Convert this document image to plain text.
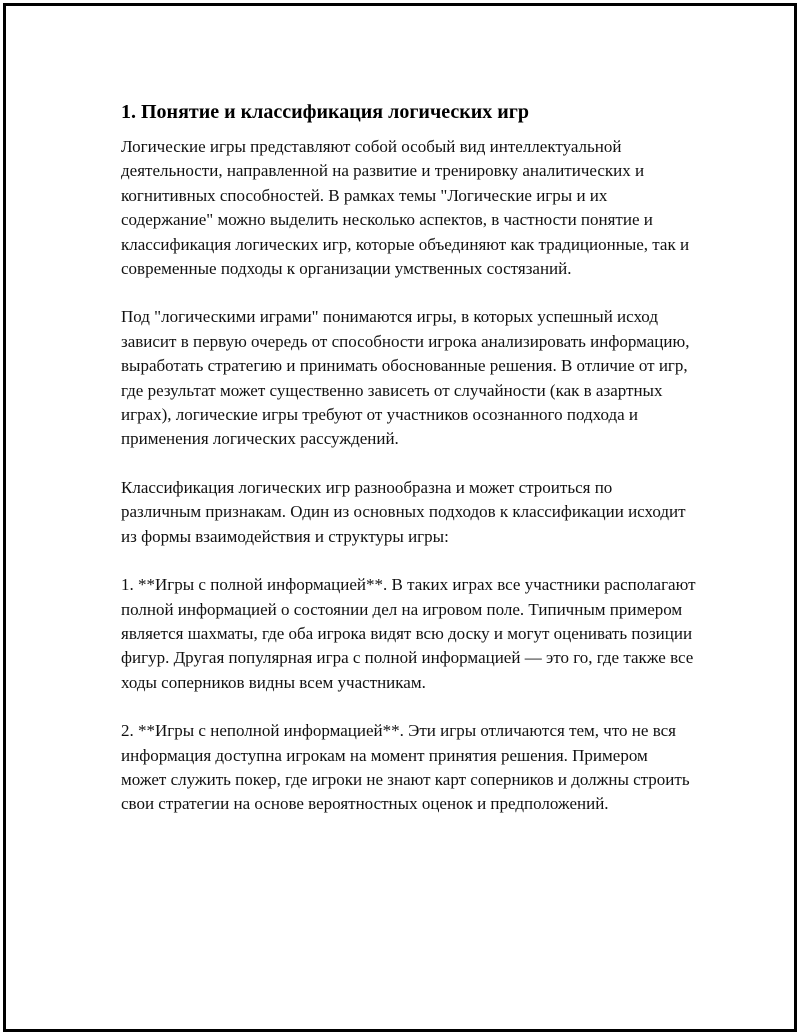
1. Понятие и классификация логических игр

Логические игры представляют собой особый вид интеллектуальной деятельности, направленной на развитие и тренировку аналитических и когнитивных способностей. В рамках темы "Логические игры и их содержание" можно выделить несколько аспектов, в частности понятие и классификация логических игр, которые объединяют как традиционные, так и современные подходы к организации умственных состязаний.

Под "логическими играми" понимаются игры, в которых успешный исход зависит в первую очередь от способности игрока анализировать информацию, выработать стратегию и принимать обоснованные решения. В отличие от игр, где результат может существенно зависеть от случайности (как в азартных играх), логические игры требуют от участников осознанного подхода и применения логических рассуждений.

Классификация логических игр разнообразна и может строиться по различным признакам. Один из основных подходов к классификации исходит из формы взаимодействия и структуры игры:

1. **Игры с полной информацией**. В таких играх все участники располагают полной информацией о состоянии дел на игровом поле. Типичным примером является шахматы, где оба игрока видят всю доску и могут оценивать позиции фигур. Другая популярная игра с полной информацией — это го, где также все ходы соперников видны всем участникам.

2. **Игры с неполной информацией**. Эти игры отличаются тем, что не вся информация доступна игрокам на момент принятия решения. Примером может служить покер, где игроки не знают карт соперников и должны строить свои стратегии на основе вероятностных оценок и предположений.
